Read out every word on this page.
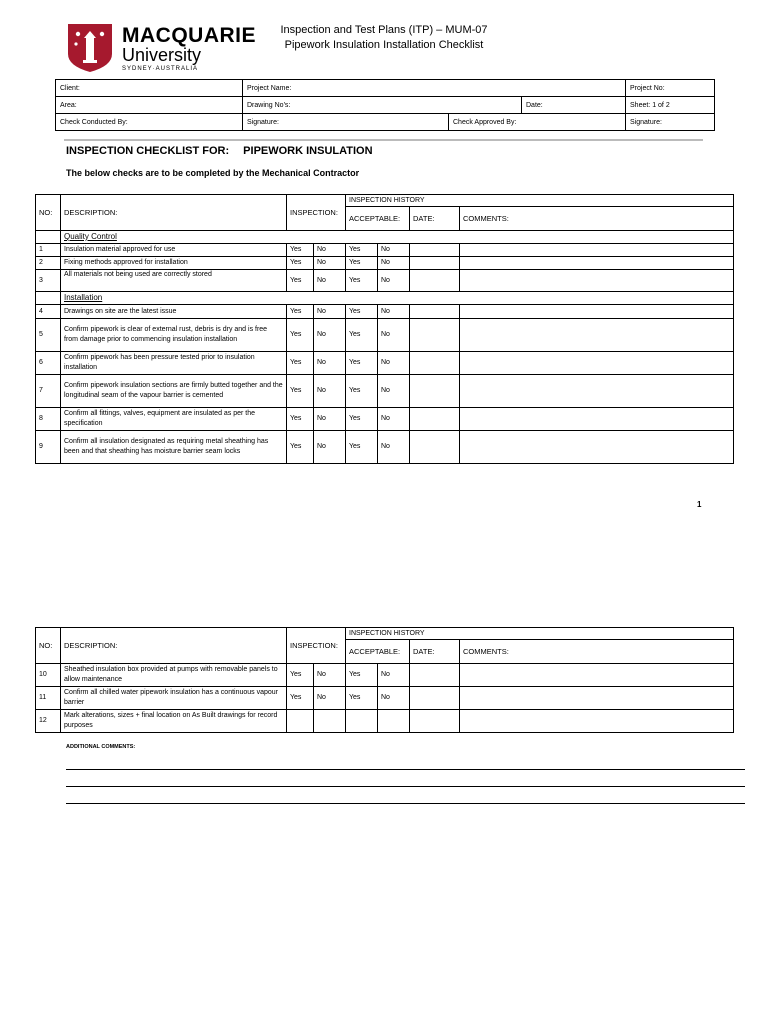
MACQUARIE
University
SYDNEY·AUSTRALIA
Inspection and Test Plans (ITP) – MUM-07
Pipework Insulation Installation Checklist
Client:	Project Name:			Project No:
Area:	Drawing No's:		Date:	Sheet: 1 of 2
Check Conducted By:	Signature:	Check Approved By:		Signature:
INSPECTION CHECKLIST FOR: PIPEWORK INSULATION
The below checks are to be completed by the Mechanical Contractor
NO:	DESCRIPTION:	INSPECTION:		INSPECTION HISTORY			
				ACCEPTABLE:		DATE:	COMMENTS:
	Quality Control						
1	Insulation material approved for use	Yes	No	Yes	No		
2	Fixing methods approved for installation	Yes	No	Yes	No		
3	All materials not being used are correctly stored	Yes	No	Yes	No		
	Installation						
4	Drawings on site are the latest issue	Yes	No	Yes	No		
5	Confirm pipework is clear of external rust, debris is dry and is free from damage prior to commencing insulation installation	Yes	No	Yes	No		
6	Confirm pipework has been pressure tested prior to insulation installation	Yes	No	Yes	No		
7	Confirm pipework insulation sections are firmly butted together and the longitudinal seam of the vapour barrier is cemented	Yes	No	Yes	No		
8	Confirm all fittings, valves, equipment are insulated as per the specification	Yes	No	Yes	No		
9	Confirm all insulation designated as requiring metal sheathing has been and that sheathing has moisture barrier seam locks	Yes	No	Yes	No		
1
NO:	DESCRIPTION:	INSPECTION:		INSPECTION HISTORY			
				ACCEPTABLE:		DATE:	COMMENTS:
10	Sheathed insulation box provided at pumps with removable panels to allow maintenance	Yes	No	Yes	No		
11	Confirm all chilled water pipework insulation has a continuous vapour barrier	Yes	No	Yes	No		
12	Mark alterations, sizes + final location on As Built drawings for record purposes						
ADDITIONAL COMMENTS:
